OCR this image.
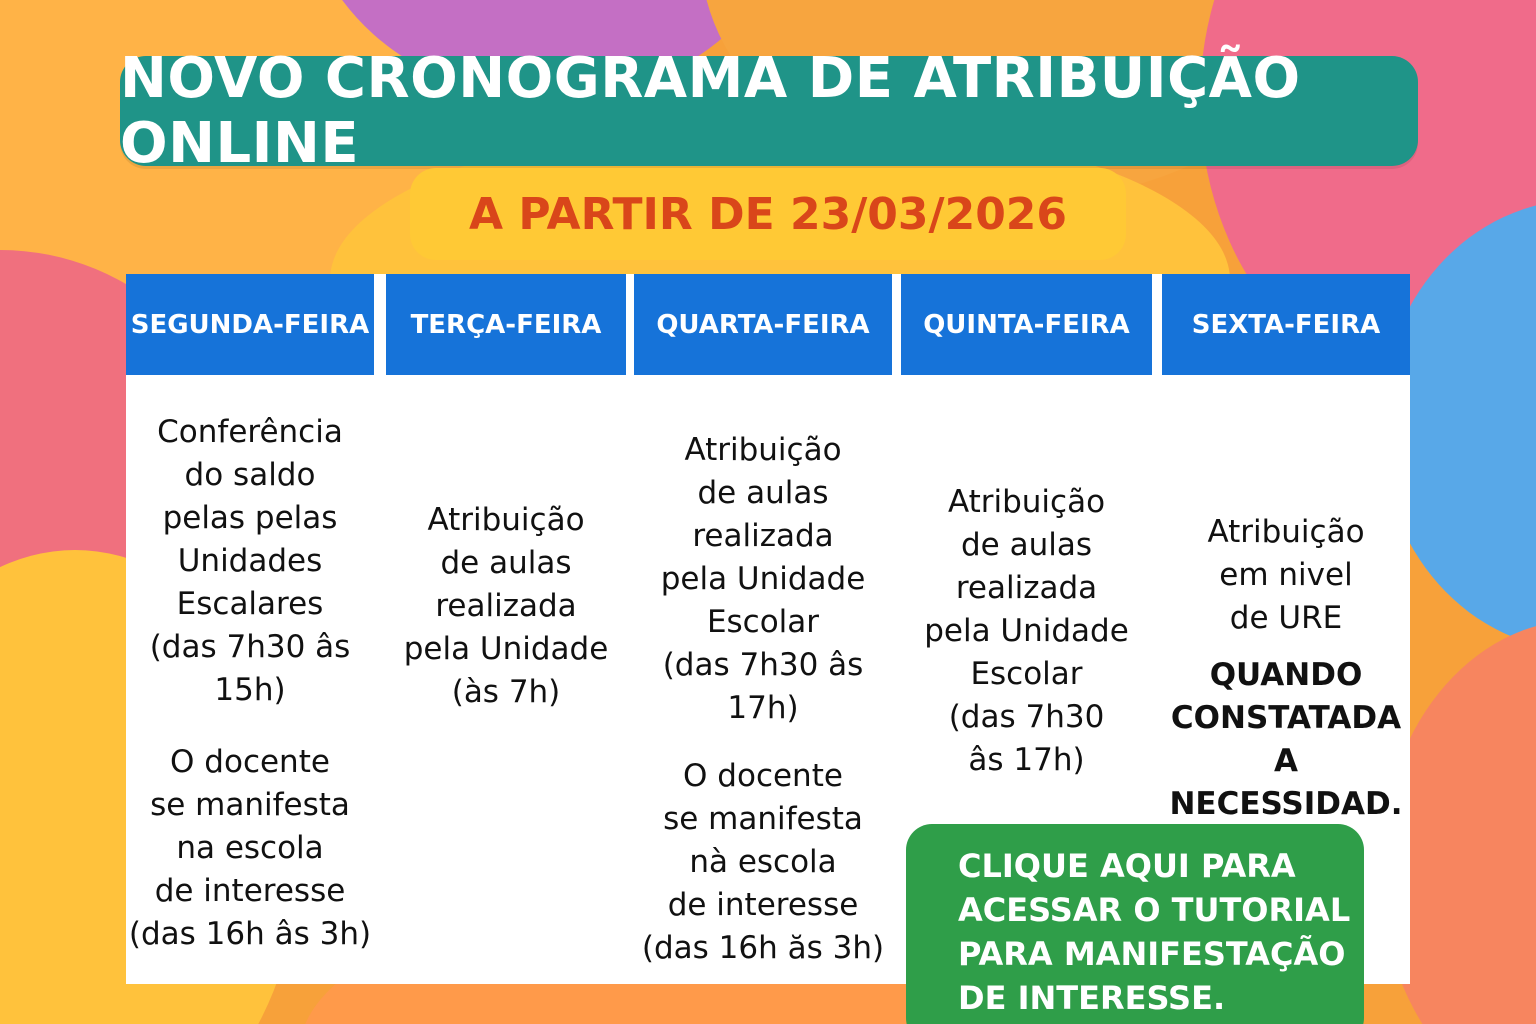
NOVO CRONOGRAMA DE ATRIBUIÇÃO ONLINE
A PARTIR DE 23/03/2026
SEGUNDA-FEIRA
Conferência
do saldo
pelas pelas
Unidades
Escalares
(das 7h30 âs
15h)
O docente
se manifesta
na escola
de interesse
(das 16h âs 3h)
TERÇA-FEIRA
Atribuição
de aulas
realizada
pela Unidade
(às 7h)
QUARTA-FEIRA
Atribuição
de aulas
realizada
pela Unidade
Escolar
(das 7h30 âs
17h)
O docente
se manifesta
nà escola
de interesse
(das 16h ăs 3h)
QUINTA-FEIRA
Atribuição
de aulas
realizada
pela Unidade
Escolar
(das 7h30
âs 17h)
SEXTA-FEIRA
Atribuição
em nivel
de URE
QUANDO
CONSTATADA
A NECESSIDAD.
CLIQUE AQUI PARA
ACESSAR O TUTORIAL
PARA MANIFESTAÇÃO
DE INTERESSE.
